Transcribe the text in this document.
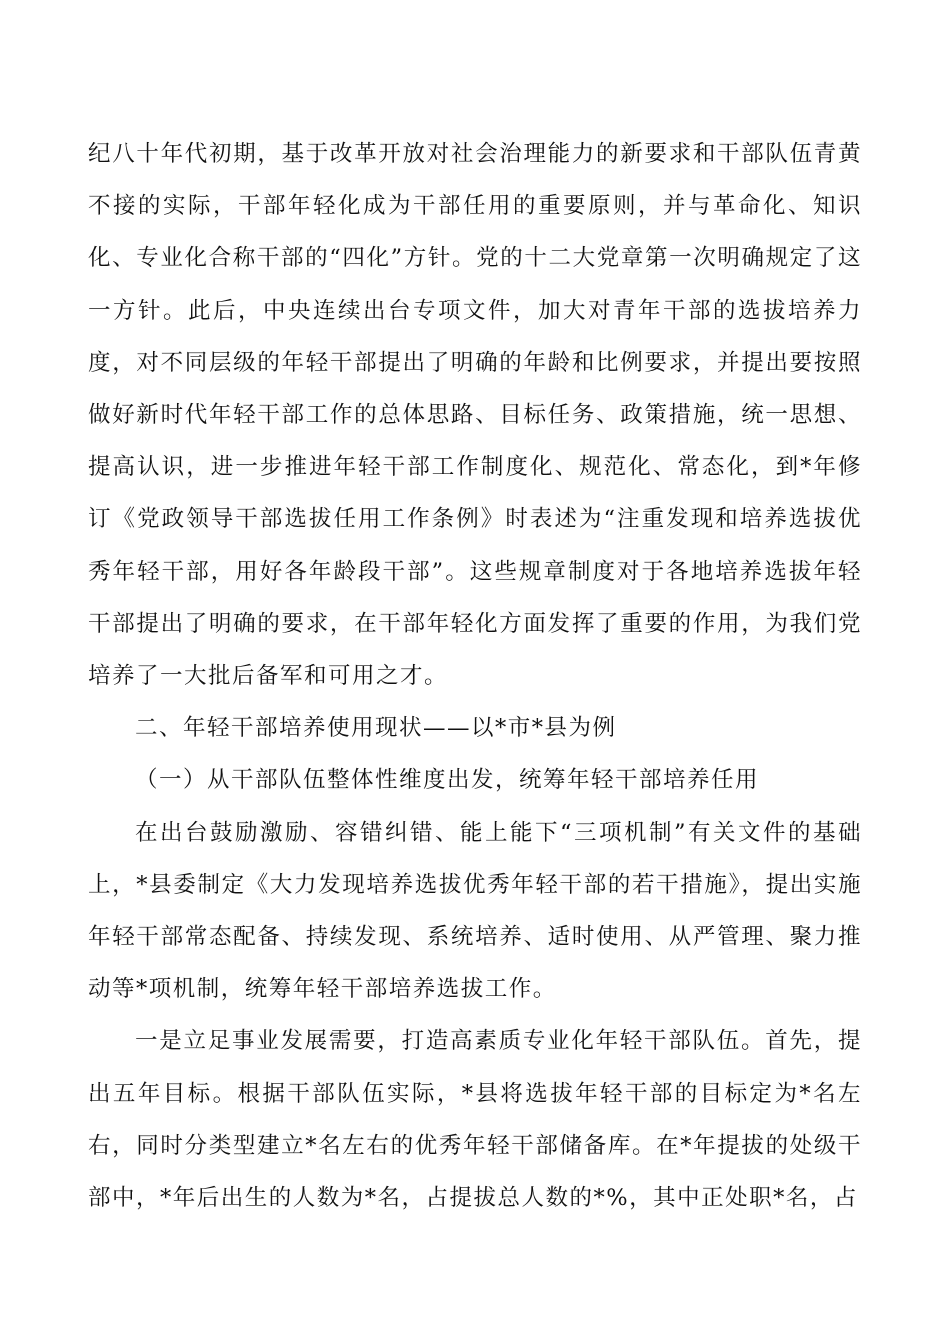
纪八十年代初期，基于改革开放对社会治理能力的新要求和干部队伍青黄不接的实际，干部年轻化成为干部任用的重要原则，并与革命化、知识化、专业化合称干部的“四化”方针。党的十二大党章第一次明确规定了这一方针。此后，中央连续出台专项文件，加大对青年干部的选拔培养力度，对不同层级的年轻干部提出了明确的年龄和比例要求，并提出要按照做好新时代年轻干部工作的总体思路、目标任务、政策措施，统一思想、提高认识，进一步推进年轻干部工作制度化、规范化、常态化，到*年修订《党政领导干部选拔任用工作条例》时表述为“注重发现和培养选拔优秀年轻干部，用好各年龄段干部”。这些规章制度对于各地培养选拔年轻干部提出了明确的要求，在干部年轻化方面发挥了重要的作用，为我们党培养了一大批后备军和可用之才。

二、年轻干部培养使用现状——以*市*县为例

（一）从干部队伍整体性维度出发，统筹年轻干部培养任用

在出台鼓励激励、容错纠错、能上能下“三项机制”有关文件的基础上，*县委制定《大力发现培养选拔优秀年轻干部的若干措施》，提出实施年轻干部常态配备、持续发现、系统培养、适时使用、从严管理、聚力推动等*项机制，统筹年轻干部培养选拔工作。

一是立足事业发展需要，打造高素质专业化年轻干部队伍。首先，提出五年目标。根据干部队伍实际，*县将选拔年轻干部的目标定为*名左右，同时分类型建立*名左右的优秀年轻干部储备库。在*年提拔的处级干部中，*年后出生的人数为*名，占提拔总人数的*%，其中正处职*名，占
